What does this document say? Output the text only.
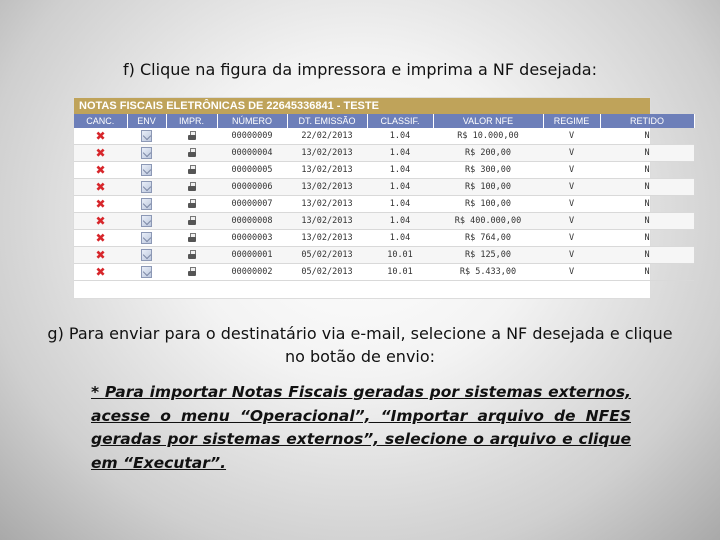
f) Clique na figura da impressora e imprima a NF desejada:
NOTAS FISCAIS ELETRÔNICAS DE 22645336841 - TESTE
CANC.	ENV	IMPR.	NÚMERO	DT. EMISSÃO	CLASSIF.	VALOR NFE	REGIME	RETIDO
✖			00000009	22/02/2013	1.04	R$ 10.000,00	V	N
✖			00000004	13/02/2013	1.04	R$ 200,00	V	N
✖			00000005	13/02/2013	1.04	R$ 300,00	V	N
✖			00000006	13/02/2013	1.04	R$ 100,00	V	N
✖			00000007	13/02/2013	1.04	R$ 100,00	V	N
✖			00000008	13/02/2013	1.04	R$ 400.000,00	V	N
✖			00000003	13/02/2013	1.04	R$ 764,00	V	N
✖			00000001	05/02/2013	10.01	R$ 125,00	V	N
✖			00000002	05/02/2013	10.01	R$ 5.433,00	V	N
g) Para enviar para o destinatário via e-mail, selecione a NF desejada e clique no botão de envio:
* Para importar Notas Fiscais geradas por sistemas externos, acesse o menu “Operacional”, “Importar arquivo de NFES geradas por sistemas externos”, selecione o arquivo e clique em “Executar”.
